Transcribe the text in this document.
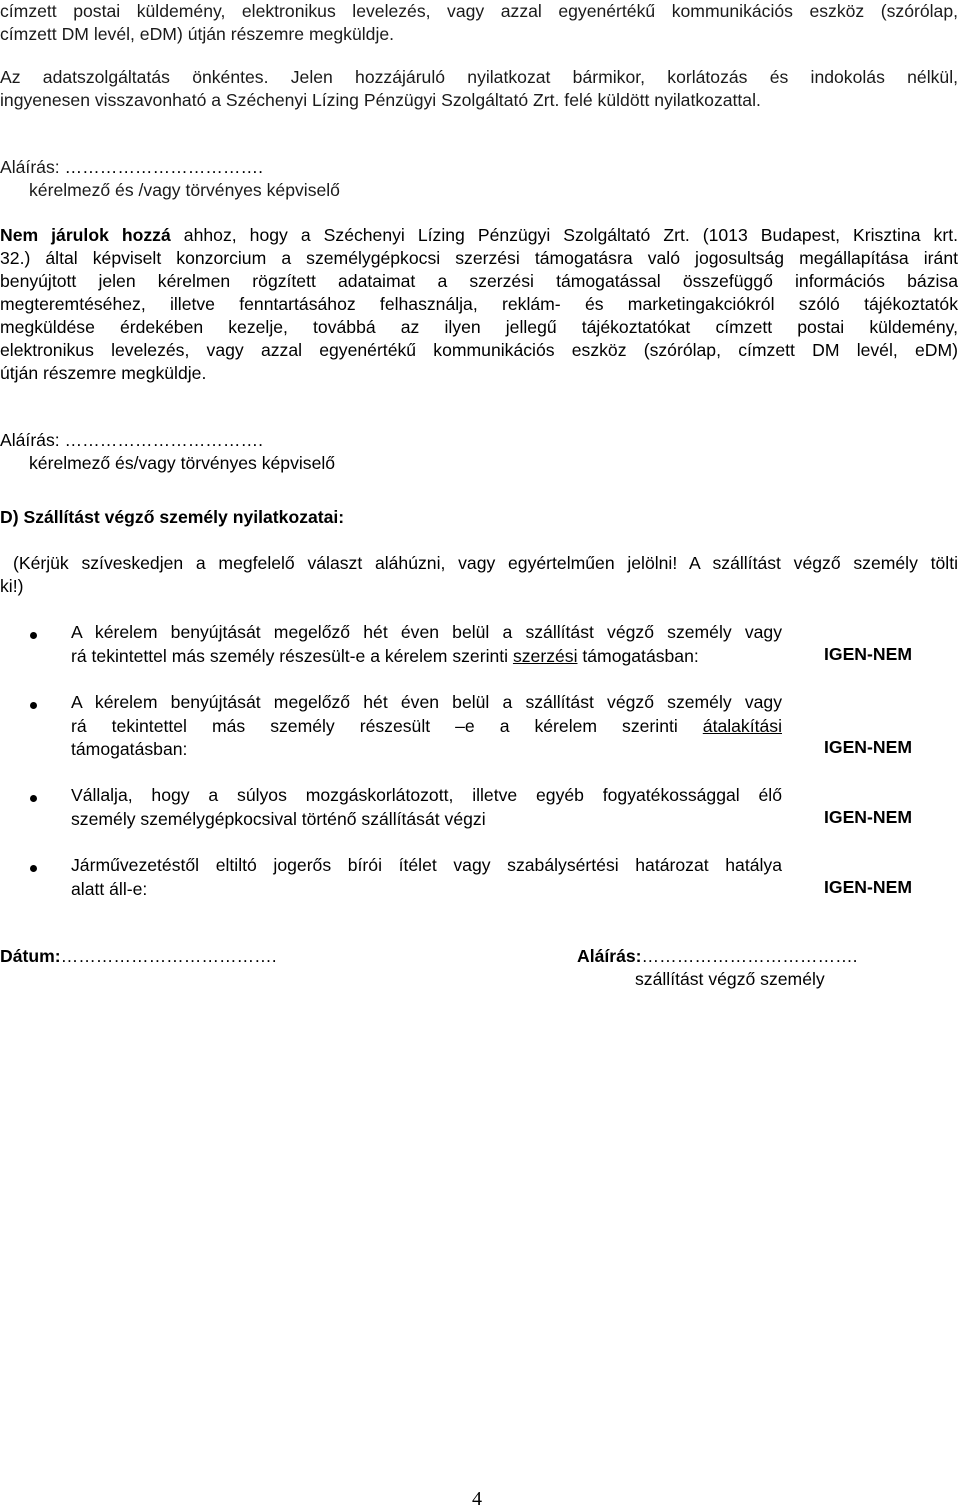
címzett postai küldemény, elektronikus levelezés, vagy azzal egyenértékű kommunikációs eszköz (szórólap,
címzett DM levél, eDM) útján részemre megküldje.
Az adatszolgáltatás önkéntes. Jelen hozzájáruló nyilatkozat bármikor, korlátozás és indokolás nélkül,
ingyenesen visszavonható a Széchenyi Lízing Pénzügyi Szolgáltató Zrt. felé küldött nyilatkozattal.
Aláírás: …………………………….
kérelmező és /vagy törvényes képviselő
Nem járulok hozzá ahhoz, hogy a Széchenyi Lízing Pénzügyi Szolgáltató Zrt. (1013 Budapest, Krisztina krt.
32.) által képviselt konzorcium a személygépkocsi szerzési támogatásra való jogosultság megállapítása iránt
benyújtott jelen kérelmen rögzített adataimat a szerzési támogatással összefüggő információs bázisa
megteremtéséhez, illetve fenntartásához felhasználja, reklám- és marketingakciókról szóló tájékoztatók
megküldése érdekében kezelje, továbbá az ilyen jellegű tájékoztatókat címzett postai küldemény,
elektronikus levelezés, vagy azzal egyenértékű kommunikációs eszköz (szórólap, címzett DM levél, eDM)
útján részemre megküldje.
Aláírás: …………………………….
kérelmező és/vagy törvényes képviselő
D) Szállítást végző személy nyilatkozatai:
(Kérjük szíveskedjen a megfelelő választ aláhúzni, vagy egyértelműen jelölni! A szállítást végző személy tölti
ki!)
A kérelem benyújtását megelőző hét éven belül a szállítást végző személy vagy
rá tekintettel más személy részesült-e a kérelem szerinti szerzési támogatásban:	IGEN-NEM
A kérelem benyújtását megelőző hét éven belül a szállítást végző személy vagy
rá tekintettel más személy részesült –e a kérelem szerinti átalakítási
támogatásban:	IGEN-NEM
Vállalja, hogy a súlyos mozgáskorlátozott, illetve egyéb fogyatékossággal élő
személy személygépkocsival történő szállítását végzi	IGEN-NEM
Járművezetéstől eltiltó jogerős bírói ítélet vagy szabálysértési határozat hatálya
alatt áll-e:	IGEN-NEM
Dátum:……………………………….	Aláírás:……………………………….
szállítást végző személy
4
